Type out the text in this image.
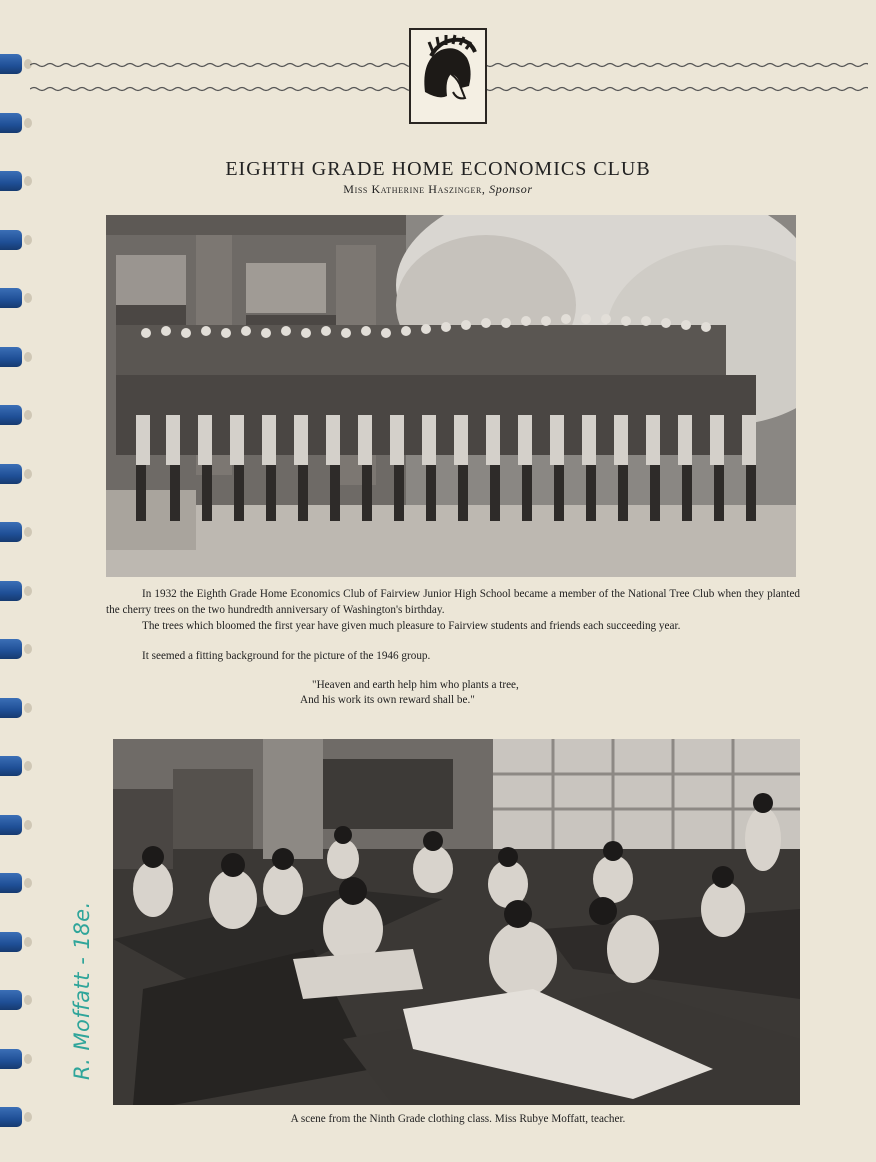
EIGHTH GRADE HOME ECONOMICS CLUB
Miss Katherine Haszinger, Sponsor

In 1932 the Eighth Grade Home Economics Club of Fairview Junior High School became a member of the National Tree Club when they planted the cherry trees on the two hundredth anniversary of Washington's birthday.

The trees which bloomed the first year have given much pleasure to Fairview students and friends each succeeding year.

It seemed a fitting background for the picture of the 1946 group.

"Heaven and earth help him who plants a tree,
And his work its own reward shall be."
A scene from the Ninth Grade clothing class. Miss Rubye Moffatt, teacher.
R. Moffatt - 18e.
